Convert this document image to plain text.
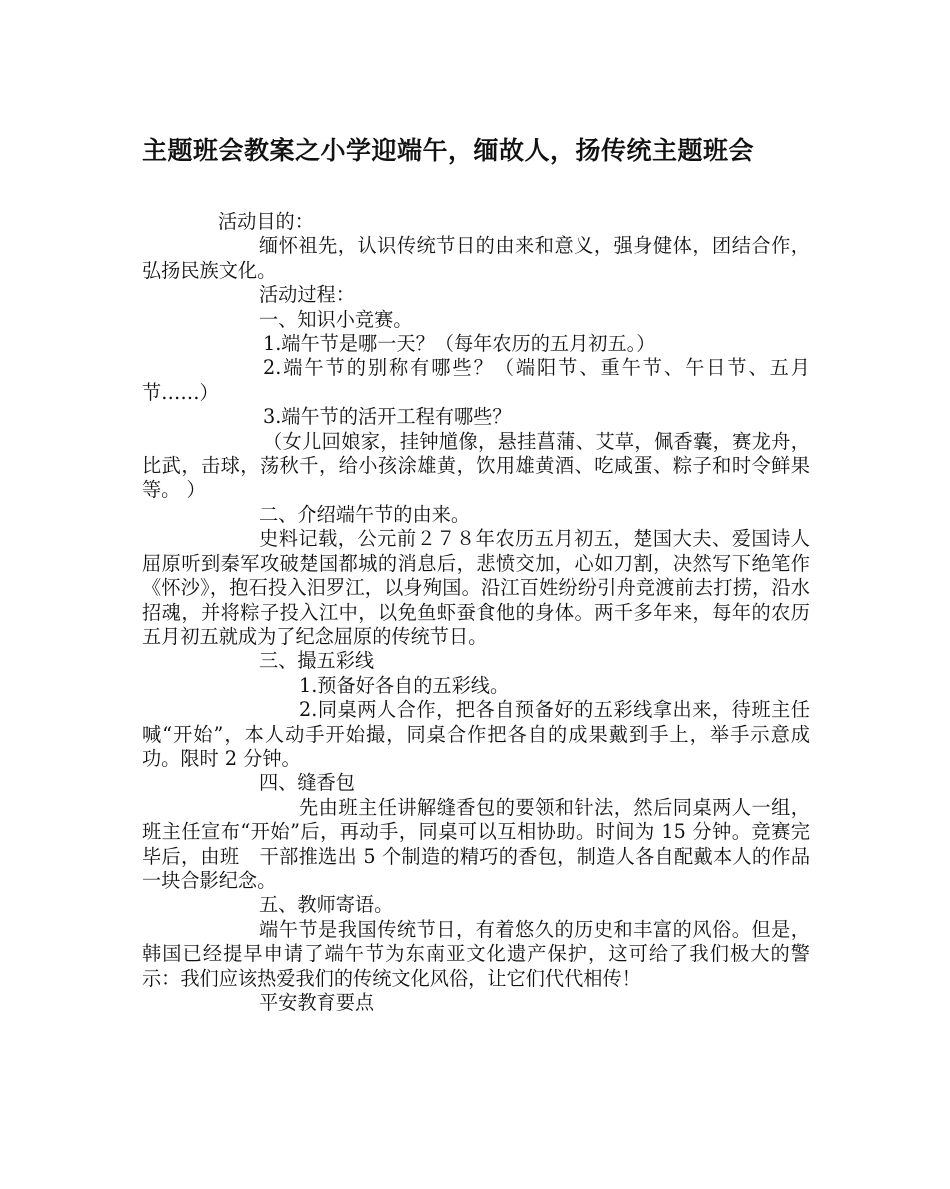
主题班会教案之小学迎端午，缅故人，扬传统主题班会

活动目的：

缅怀祖先，认识传统节日的由来和意义，强身健体，团结合作，弘扬民族文化。

活动过程：

一、知识小竞赛。

1.端午节是哪一天？（每年农历的五月初五。）

2.端午节的别称有哪些？（端阳节、重午节、午日节、五月节……）

3.端午节的活开工程有哪些？

（女儿回娘家，挂钟馗像，悬挂菖蒲、艾草，佩香囊，赛龙舟，比武，击球，荡秋千，给小孩涂雄黄，饮用雄黄酒、吃咸蛋、粽子和时令鲜果等。 ）

二、介绍端午节的由来。

史料记载，公元前２７８年农历五月初五，楚国大夫、爱国诗人屈原听到秦军攻破楚国都城的消息后，悲愤交加，心如刀割，决然写下绝笔作《怀沙》，抱石投入汨罗江，以身殉国。沿江百姓纷纷引舟竞渡前去打捞，沿水招魂，并将粽子投入江中，以免鱼虾蚕食他的身体。两千多年来，每年的农历五月初五就成为了纪念屈原的传统节日。

三、撮五彩线

1.预备好各自的五彩线。

2.同桌两人合作，把各自预备好的五彩线拿出来，待班主任喊“开始”，本人动手开始撮，同桌合作把各自的成果戴到手上，举手示意成功。限时 2 分钟。

四、缝香包

先由班主任讲解缝香包的要领和针法，然后同桌两人一组，班主任宣布“开始”后，再动手，同桌可以互相协助。时间为 15 分钟。竞赛完毕后，由班 干部推选出 5 个制造的精巧的香包，制造人各自配戴本人的作品一块合影纪念。

五、教师寄语。

端午节是我国传统节日，有着悠久的历史和丰富的风俗。但是，韩国已经提早申请了端午节为东南亚文化遗产保护，这可给了我们极大的警示：我们应该热爱我们的传统文化风俗，让它们代代相传！

平安教育要点
